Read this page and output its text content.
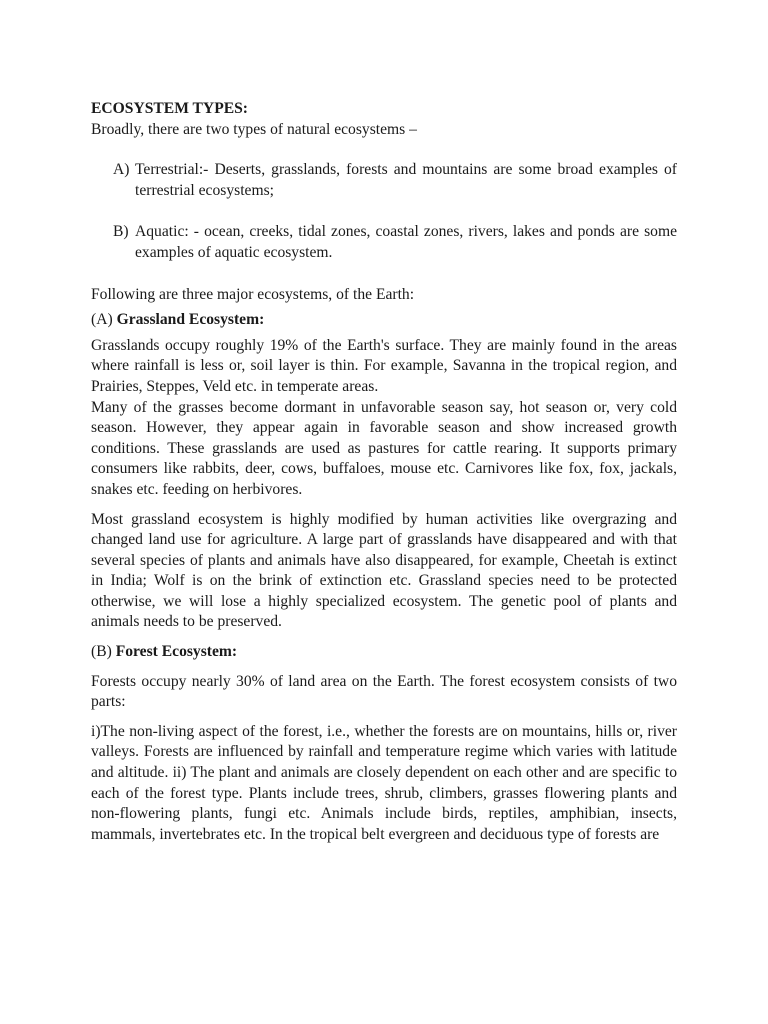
ECOSYSTEM TYPES:

Broadly, there are two types of natural ecosystems –

A) Terrestrial:- Deserts, grasslands, forests and mountains are some broad examples of terrestrial ecosystems;
B) Aquatic: - ocean, creeks, tidal zones, coastal zones, rivers, lakes and ponds are some examples of aquatic ecosystem.

Following are three major ecosystems, of the Earth:

(A) Grassland Ecosystem:

Grasslands occupy roughly 19% of the Earth's surface. They are mainly found in the areas where rainfall is less or, soil layer is thin. For example, Savanna in the tropical region, and Prairies, Steppes, Veld etc. in temperate areas.

Many of the grasses become dormant in unfavorable season say, hot season or, very cold season. However, they appear again in favorable season and show increased growth conditions. These grasslands are used as pastures for cattle rearing. It supports primary consumers like rabbits, deer, cows, buffaloes, mouse etc. Carnivores like fox, fox, jackals, snakes etc. feeding on herbivores.

Most grassland ecosystem is highly modified by human activities like overgrazing and changed land use for agriculture. A large part of grasslands have disappeared and with that several species of plants and animals have also disappeared, for example, Cheetah is extinct in India; Wolf is on the brink of extinction etc. Grassland species need to be protected otherwise, we will lose a highly specialized ecosystem. The genetic pool of plants and animals needs to be preserved.

(B) Forest Ecosystem:

Forests occupy nearly 30% of land area on the Earth. The forest ecosystem consists of two parts:

i)The non-living aspect of the forest, i.e., whether the forests are on mountains, hills or, river valleys. Forests are influenced by rainfall and temperature regime which varies with latitude and altitude. ii) The plant and animals are closely dependent on each other and are specific to each of the forest type. Plants include trees, shrub, climbers, grasses flowering plants and non-flowering plants, fungi etc. Animals include birds, reptiles, amphibian, insects, mammals, invertebrates etc. In the tropical belt evergreen and deciduous type of forests are
